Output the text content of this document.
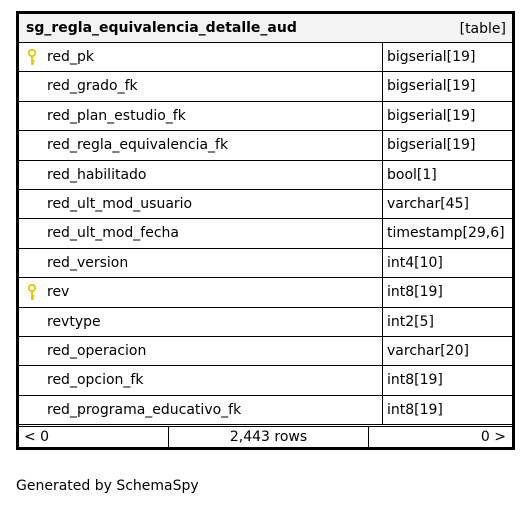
sg_regla_equivalencia_detalle_aud	[table]
red_pk	bigserial[19]
red_grado_fk	bigserial[19]
red_plan_estudio_fk	bigserial[19]
red_regla_equivalencia_fk	bigserial[19]
red_habilitado	bool[1]
red_ult_mod_usuario	varchar[45]
red_ult_mod_fecha	timestamp[29,6]
red_version	int4[10]
rev	int8[19]
revtype	int2[5]
red_operacion	varchar[20]
red_opcion_fk	int8[19]
red_programa_educativo_fk	int8[19]
< 0	2,443 rows	0 >
Generated by SchemaSpy
